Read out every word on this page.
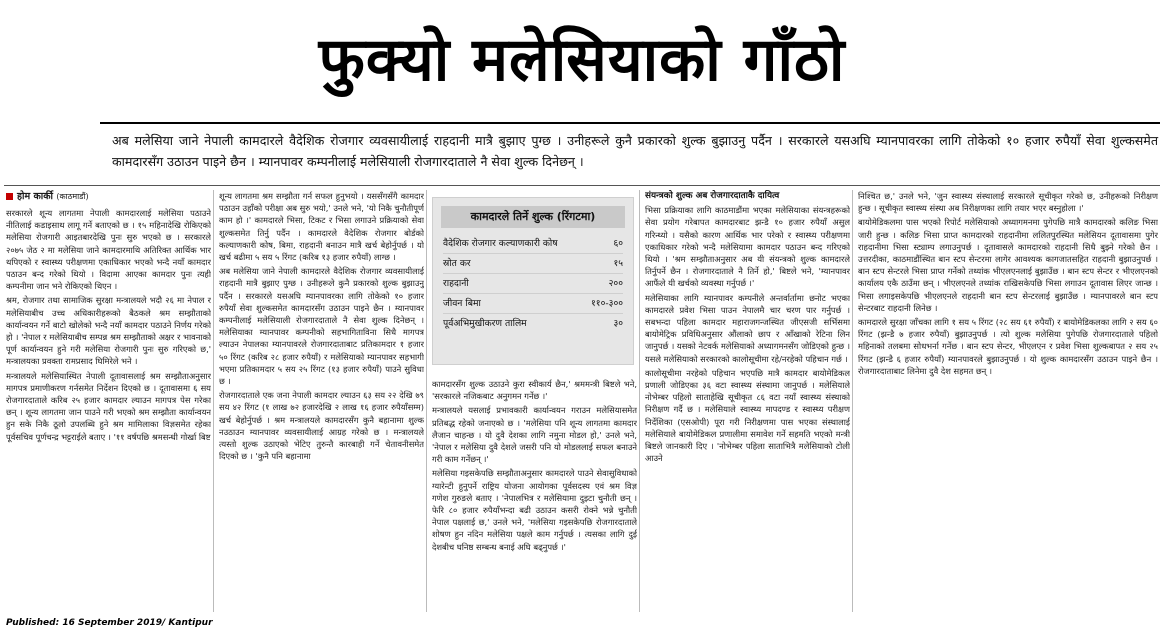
फुक्यो मलेसियाको गाँठो
अब मलेसिया जाने नेपाली कामदारले वैदेशिक रोजगार व्यवसायीलाई राहदानी मात्रै बुझाए पुग्छ । उनीहरूले कुनै प्रकारको शुल्क बुझाउनु पर्दैन । सरकारले यसअघि म्यानपावरका लागि तोकेको १० हजार रुपैयाँ सेवा शुल्कसमेत कामदारसँग उठाउन पाइने छैन । म्यानपावर कम्पनीलाई मलेसियाली रोजगारदाताले नै सेवा शुल्क दिनेछन् ।
होम कार्की (काठमाडौं)

सरकारले शून्य लागतमा नेपाली कामदारलाई मलेसिया पठाउने नीतिलाई कडाइसाथ लागू गर्ने बताएको छ । १५ महिनादेखि रोकिएको मलेसिया रोजगारी आइतबारदेखि पुनः सुरु भएको छ । सरकारले २०७५ जेठ २ मा मलेसिया जाने कामदारमाथि अतिरिक्त आर्थिक भार थपिएको र स्वास्थ्य परीक्षणमा एकाधिकार भएको भन्दै नयाँ कामदार पठाउन बन्द गरेको थियो । विदामा आएका कामदार पुनः त्यही कम्पनीमा जान भने रोकिएको थिएन ।

श्रम, रोजगार तथा सामाजिक सुरक्षा मन्त्रालयले भदौ २६ मा नेपाल र मलेसियाबीच उच्च अधिकारीहरूको बैठकले श्रम सम्झौताको कार्यान्वयन गर्ने बाटो खोलेको भन्दै नयाँ कामदार पठाउने निर्णय गरेको हो । 'नेपाल र मलेसियाबीच सम्पन्न श्रम सम्झौताको अक्षर र भावनाको पूर्ण कार्यान्वयन हुने गरी मलेसिया रोजगारी पुनः सुरु गरिएको छ,' मन्त्रालयका प्रवक्ता रामप्रसाद घिमिरेले भने ।

मन्त्रालयले मलेसियास्थित नेपाली दूतावासलाई श्रम सम्झौताअनुसार मागपत्र प्रमाणीकरण गर्नसमेत निर्देशन दिएको छ । दूतावासमा ६ सय रोजगारदाताले करिब २५ हजार कामदार ल्याउन मागपत्र पेस गरेका छन् । शून्य लागतमा जान पाउने गरी भएको श्रम सम्झौता कार्यान्वयन हुन सके निकै ठूलो उपलब्धि हुने श्रम मामिलाका विज्ञसमेत रहेका पूर्वसचिव पूर्णचन्द्र भट्टराईले बताए । '११ वर्षपछि श्रमसन्धी गोर्खा बिष्ट

शून्य लागतमा श्रम सम्झौता गर्न सफल हुनुभयो । यससँगसँगै कामदार पठाउन उहाँको परीक्षा अब सुरु भयो,' उनले भने, 'यो निकै चुनौतीपूर्ण काम हो ।' कामदारले भिसा, टिकट र भिसा लगाउने प्रक्रियाको सेवा शुल्कसमेत तिर्नु पर्दैन । कामदारले वैदेशिक रोजगार बोर्डको कल्याणकारी कोष, बिमा, राहदानी बनाउन मात्रै खर्च बेहोर्नुपर्छ । यो खर्च बढीमा ५ सय ५ रिंगट (करिब १३ हजार रुपैयाँ) लाग्छ ।

अब मलेसिया जाने नेपाली कामदारले वैदेशिक रोजगार व्यवसायीलाई राहदानी मात्रै बुझाए पुग्छ । उनीहरूले कुनै प्रकारको शुल्क बुझाउनु पर्दैन । सरकारले यसअघि म्यानपावरका लागि तोकेको १० हजार रुपैयाँ सेवा शुल्कसमेत कामदारसँग उठाउन पाइने छैन । म्यानपावर कम्पनीलाई मलेसियाली रोजगारदाताले नै सेवा शुल्क दिनेछन् । मलेसियाका म्यानपावर कम्पनीको सहभागिताविना सिधै मागपत्र ल्याउन नेपालका म्यानपावरले रोजगारदाताबाट प्रतिकामदार १ हजार ५० रिंगट (करिब २८ हजार रुपैयाँ) र मलेसियाको म्यानपावर सहभागी भएमा प्रतिकामदार ५ सय २५ रिंगट (१३ हजार रुपैयाँ) पाउने सुविधा छ ।

रोजगारदाताले एक जना नेपाली कामदार ल्याउन ६३ सय २२ देखि ७९ सय ४२ रिंगट (१ लाख ७२ हजारदेखि २ लाख १६ हजार रुपैयाँसम्म) खर्च बेहोर्नुपर्छ । श्रम मन्त्रालयले कामदारसँग कुनै बहानामा शुल्क नउठाउन म्यानपावर व्यवसायीलाई आग्रह गरेको छ । मन्त्रालयले त्यस्तो शुल्क उठाएको भेटिए तुरुन्तै कारबाही गर्ने चेतावनीसमेत दिएको छ । 'कुनै पनि बहानामा

कामदारले तिर्ने शुल्क (रिंगटमा)
वैदेशिक रोजगार कल्याणकारी कोष	६०
स्रोत कर	१५
राहदानी	२००
जीवन बिमा	११०-३००
पूर्वअभिमुखीकरण तालिम	३०

कामदारसँग शुल्क उठाउने कुरा स्वीकार्य छैन,' श्रममन्त्री बिष्टले भने, 'सरकारले नजिकबाट अनुगमन गर्नेछ ।'

मन्त्रालयले यसलाई प्रभावकारी कार्यान्वयन गराउन मलेसियासमेत प्रतिबद्ध रहेको जनाएको छ । 'मलेसिया पनि शून्य लागतमा कामदार लैजान चाहन्छ । यो दुवै देशका लागि नमुना मोडल हो,' उनले भने, 'नेपाल र मलेसिया दुवै देशले जसरी पनि यो मोडललाई सफल बनाउने गरी काम गर्नेछन् ।'

मलेसिया गइसकेपछि सम्झौताअनुसार कामदारले पाउने सेवासुविधाको ग्यारेन्टी हुनुपर्ने राष्ट्रिय योजना आयोगका पूर्वसदस्य एवं श्रम विज्ञ गणेश गुरुङले बताए । 'नेपालभित्र र मलेसियामा दुइटा चुनौती छन् । फेरि ८० हजार रुपैयाँभन्दा बढी उठाउन कसरी रोक्ने भन्ने चुनौती नेपाल पक्षलाई छ,' उनले भने, 'मलेसिया गइसकेपछि रोजगारदाताले शोषण हुन नदिन मलेसिया पक्षले काम गर्नुपर्छ । त्यसका लागि दुई देशबीच घनिष्ठ सम्बन्ध बनाई अघि बढ्नुपर्छ ।'

संयन्त्रको शुल्क अब रोजगारदाताकै दायित्व

भिसा प्रक्रियाका लागि काठमाडौंमा भएका मलेसियाका संयन्त्रहरूको सेवा प्रयोग गरेबापत कामदारबाट झन्डै १० हजार रुपैयाँ असुल गरिन्थ्यो । यसैको कारण आर्थिक भार परेको र स्वास्थ्य परीक्षणमा एकाधिकार गरेको भन्दै मलेसियामा कामदार पठाउन बन्द गरिएको थियो । 'श्रम सम्झौताअनुसार अब यी संयन्त्रको शुल्क कामदारले तिर्नुपर्ने छैन । रोजगारदाताले नै तिर्ने हो,' बिष्टले भने, 'म्यानपावर आफैंले यी खर्चको व्यवस्था गर्नुपर्छ ।'

मलेसियाका लागि म्यानपावर कम्पनीले अन्तर्वार्तामा छनोट भएका कामदारले प्रवेश भिसा पाउन नेपालमै चार चरण पार गर्नुपर्छ । सबभन्दा पहिला कामदार महाराजगन्जस्थित जीएसजी सर्भिसमा बायोमेट्रिक प्रविधिअनुसार औंलाको छाप र आँखाको रेटिना लिन जानुपर्छ । यसको नेटवर्क मलेसियाको अध्यागमनसँग जोडिएको हुन्छ । यसले मलेसियाको सरकारको कालोसूचीमा रहे/नरहेको पहिचान गर्छ ।

कालोसूचीमा नरहेको पहिचान भएपछि मात्रै कामदार बायोमेडिकल प्रणाली जोडिएका ३६ वटा स्वास्थ्य संस्थामा जानुपर्छ । मलेसियाले नोभेम्बर पहिलो साताहेखि सूचीकृत ८६ वटा नयाँ स्वास्थ्य संस्थाको निरीक्षण गर्दै छ । मलेसियाले स्वास्थ्य मापदण्ड र स्वास्थ्य परीक्षण निर्देशिका (एसओपी) पूरा गरी निरीक्षणमा पास भएका संस्थालाई मलेसियाले बायोमेडिकल प्रणालीमा समावेश गर्ने सहमति भएको मन्त्री बिष्टले जानकारी दिए । 'नोभेम्बर पहिला साताभित्रै मलेसियाको टोली आउने

निश्चित छ,' उनले भने, 'जुन स्वास्थ्य संस्थालाई सरकारले सूचीकृत गरेको छ, उनीहरूको निरीक्षण हुन्छ । सूचीकृत स्वास्थ्य संस्था अब निरीक्षणका लागि तयार भएर बस्नुहोला ।'

बायोमेडिकलमा पास भएको रिपोर्ट मलेसियाको अध्यागमनमा पुगेपछि मात्रै कामदारको कलिङ भिसा जारी हुन्छ । कलिङ भिसा प्राप्त कामदारको राहदानीमा ललितपुरस्थित मलेसियन दूतावासमा पुगेर राहदानीमा भिसा स्ट्याम्प लगाउनुपर्छ । दूतावासले कामदारको राहदानी सिधै बुझ्ने गरेको छैन । उत्तरदीका, काठमाडौंस्थित बान स्टप सेन्टरमा लागेर आवश्यक कागजातसहित राहदानी बुझाउनुपर्छ । बान स्टप सेन्टरले भिसा प्राप्त गर्नेको तथ्यांक भीएलएनलाई बुझाउँछ । बान स्टप सेन्टर र भीएलएनको कार्यालय एकै ठाउँमा छन् । भीएलएनले तथ्यांक राखिसकेपछि भिसा लगाउन दूतावास लिएर जान्छ । भिसा लगाइसकेपछि भीएलएनले राहदानी बान स्टप सेन्टरलाई बुझाउँछ । म्यानपावरले बान स्टप सेन्टरबाट राहदानी लिनेछ ।

कामदारले सुरक्षा जाँचका लागि १ सय ५ रिंगट (२८ सय ६१ रुपैयाँ) र बायोमेडिकलका लागि २ सय ६० रिंगट (झन्डै ७ हजार रुपैयाँ) बुझाउनुपर्छ । त्यो शुल्क मलेसिया पुगेपछि रोजगारदाताले पहिलो महिनाको तलबमा सोधभर्ना गर्नेछ । बान स्टप सेन्टर, भीएलएन र प्रवेश भिसा शुल्कबापत २ सय २५ रिंगट (झन्डै ६ हजार रुपैयाँ) म्यानपावरले बुझाउनुपर्छ । यो शुल्क कामदारसँग उठाउन पाइने छैन । रोजगारदाताबाट लिनेमा दुवै देश सहमत छन् ।

Published: 16 September 2019/ Kantipur
